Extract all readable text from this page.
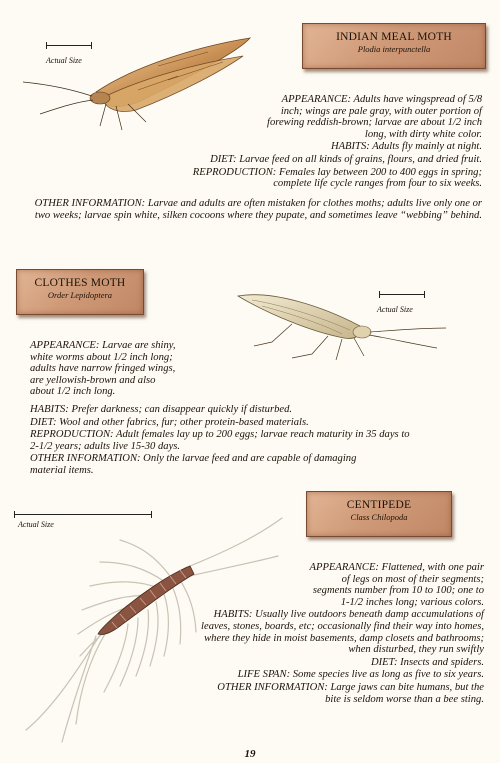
Actual Size
INDIAN MEAL MOTH
Plodia interpunctella

APPEARANCE: Adults have wingspread of 5/8 inch; wings are pale gray, with outer portion of forewing reddish-brown; larvae are about 1/2 inch long, with dirty white color.

HABITS: Adults fly mainly at night.

DIET: Larvae feed on all kinds of grains, flours, and dried fruit.

REPRODUCTION: Females lay between 200 to 400 eggs in spring; complete life cycle ranges from four to six weeks.

OTHER INFORMATION: Larvae and adults are often mistaken for clothes moths; adults live only one or two weeks; larvae spin white, silken cocoons where they pupate, and sometimes leave “webbing” behind.
CLOTHES MOTH
Order Lepidoptera
Actual Size
APPEARANCE: Larvae are shiny, white worms about 1/2 inch long; adults have narrow fringed wings, are yellowish-brown and also about 1/2 inch long.

HABITS: Prefer darkness; can disappear quickly if disturbed.

DIET: Wool and other fabrics, fur; other protein-based materials.

REPRODUCTION: Adult females lay up to 200 eggs; larvae reach maturity in 35 days to 2-1/2 years; adults live 15-30 days.

OTHER INFORMATION: Only the larvae feed and are capable of damaging material items.

Actual Size
CENTIPEDE
Class Chilopoda

APPEARANCE: Flattened, with one pair of legs on most of their segments; segments number from 10 to 100; one to 1-1/2 inches long; various colors.

HABITS: Usually live outdoors beneath damp accumulations of leaves, stones, boards, etc; occasionally find their way into homes, where they hide in moist basements, damp closets and bathrooms; when disturbed, they run swiftly

DIET: Insects and spiders.

LIFE SPAN: Some species live as long as five to six years.

OTHER INFORMATION: Large jaws can bite humans, but the bite is seldom worse than a bee sting.

19
